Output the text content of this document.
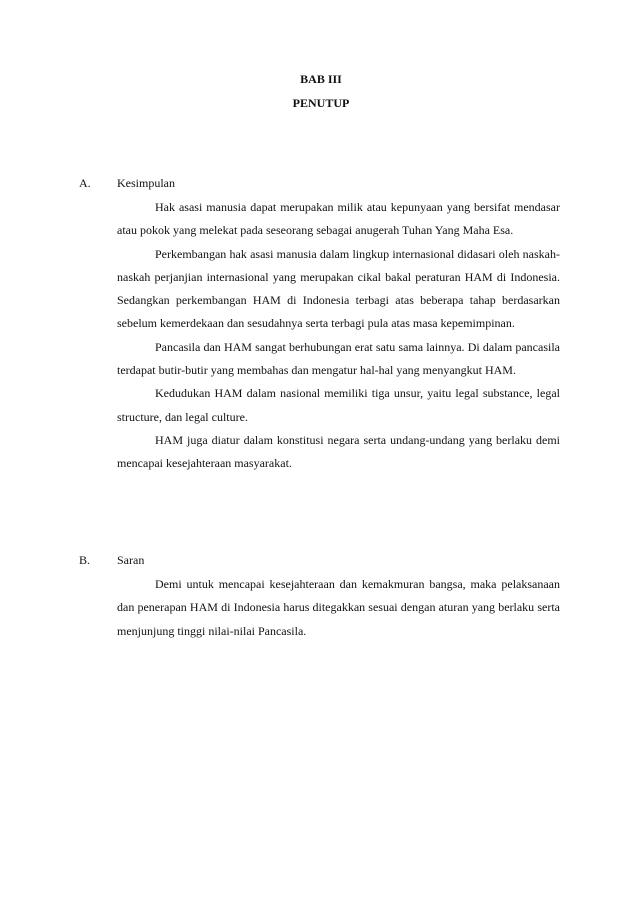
BAB III
PENUTUP
A. Kesimpulan

Hak asasi manusia dapat merupakan milik atau kepunyaan yang bersifat mendasar atau pokok yang melekat pada seseorang sebagai anugerah Tuhan Yang Maha Esa.

Perkembangan hak asasi manusia dalam lingkup internasional didasari oleh naskah-naskah perjanjian internasional yang merupakan cikal bakal peraturan HAM di Indonesia. Sedangkan perkembangan HAM di Indonesia terbagi atas beberapa tahap berdasarkan sebelum kemerdekaan dan sesudahnya serta terbagi pula atas masa kepemimpinan.

Pancasila dan HAM sangat berhubungan erat satu sama lainnya. Di dalam pancasila terdapat butir-butir yang membahas dan mengatur hal-hal yang menyangkut HAM.

Kedudukan HAM dalam nasional memiliki tiga unsur, yaitu legal substance, legal structure, dan legal culture.

HAM juga diatur dalam konstitusi negara serta undang-undang yang berlaku demi mencapai kesejahteraan masyarakat.

B. Saran

Demi untuk mencapai kesejahteraan dan kemakmuran bangsa, maka pelaksanaan dan penerapan HAM di Indonesia harus ditegakkan sesuai dengan aturan yang berlaku serta menjunjung tinggi nilai-nilai Pancasila.
